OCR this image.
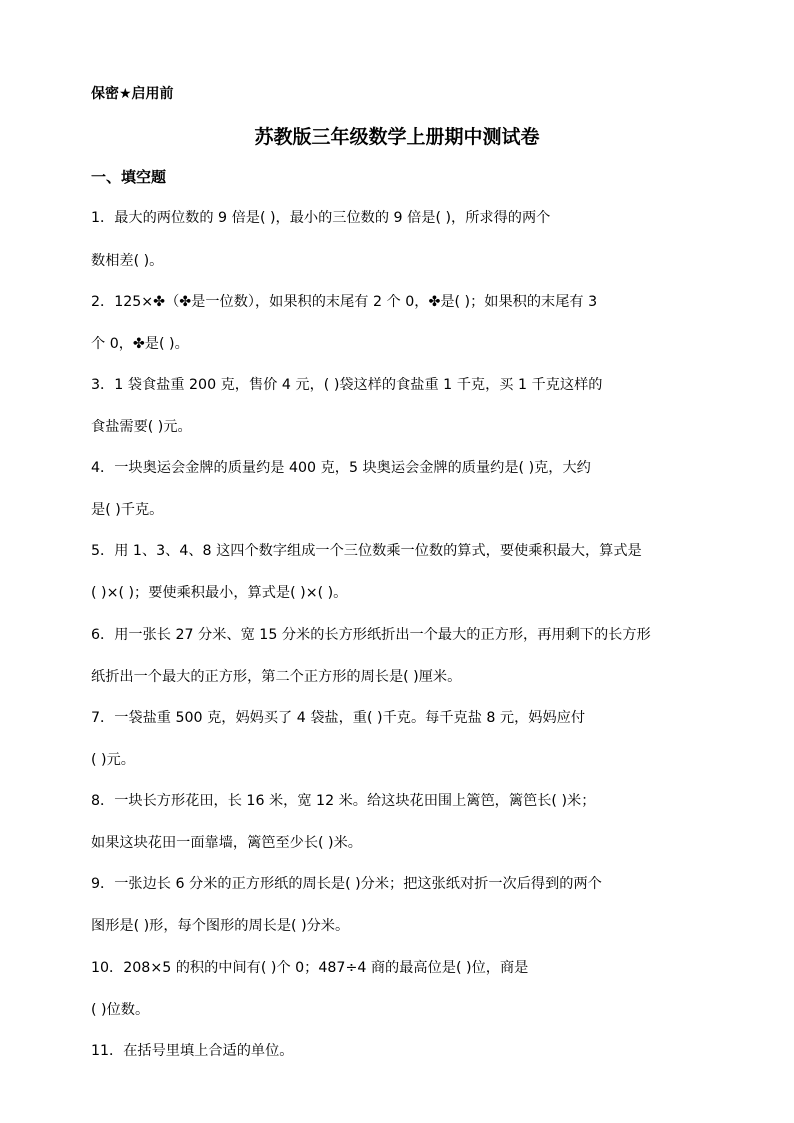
保密★启用前
苏教版三年级数学上册期中测试卷
一、填空题
1．最大的两位数的 9 倍是( )，最小的三位数的 9 倍是( )，所求得的两个
数相差( )。
2．125×✤（✤是一位数），如果积的末尾有 2 个 0，✤是( )；如果积的末尾有 3
个 0，✤是( )。
3．1 袋食盐重 200 克，售价 4 元，( )袋这样的食盐重 1 千克，买 1 千克这样的
食盐需要( )元。
4．一块奥运会金牌的质量约是 400 克，5 块奥运会金牌的质量约是( )克，大约
是( )千克。
5．用 1、3、4、8 这四个数字组成一个三位数乘一位数的算式，要使乘积最大，算式是
( )×( )；要使乘积最小，算式是( )×( )。
6．用一张长 27 分米、宽 15 分米的长方形纸折出一个最大的正方形，再用剩下的长方形
纸折出一个最大的正方形，第二个正方形的周长是( )厘米。
7．一袋盐重 500 克，妈妈买了 4 袋盐，重( )千克。每千克盐 8 元，妈妈应付
( )元。
8．一块长方形花田，长 16 米，宽 12 米。给这块花田围上篱笆，篱笆长( )米；
如果这块花田一面靠墙，篱笆至少长( )米。
9．一张边长 6 分米的正方形纸的周长是( )分米；把这张纸对折一次后得到的两个
图形是( )形，每个图形的周长是( )分米。
10．208×5 的积的中间有( )个 0；487÷4 商的最高位是( )位，商是
( )位数。
11．在括号里填上合适的单位。
